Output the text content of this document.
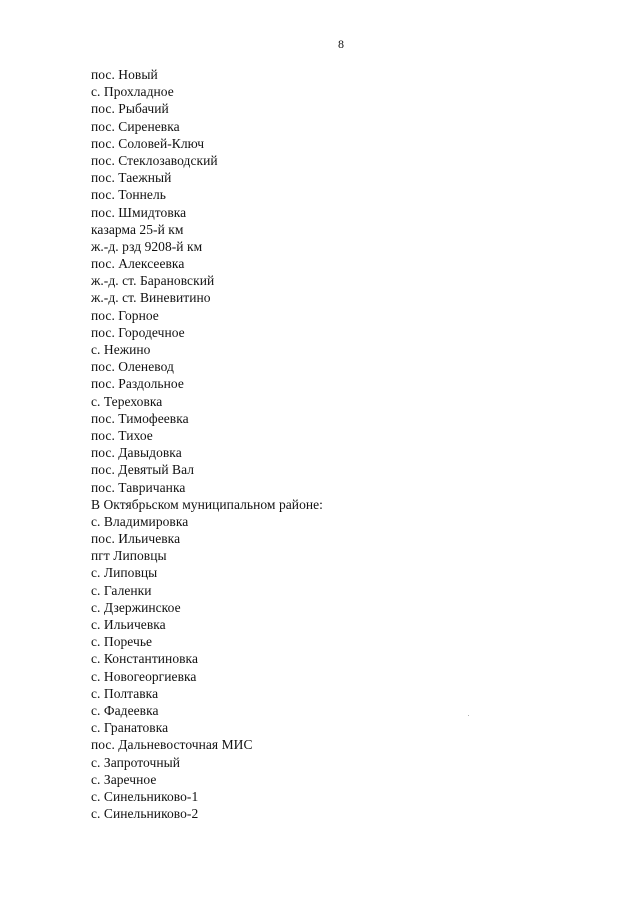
8
пос. Новый
с. Прохладное
пос. Рыбачий
пос. Сиреневка
пос. Соловей-Ключ
пос. Стеклозаводский
пос. Таежный
пос. Тоннель
пос. Шмидтовка
казарма 25-й км
ж.-д. рзд 9208-й км
пос. Алексеевка
ж.-д. ст. Барановский
ж.-д. ст. Виневитино
пос. Горное
пос. Городечное
с. Нежино
пос. Оленевод
пос. Раздольное
с. Тереховка
пос. Тимофеевка
пос. Тихое
пос. Давыдовка
пос. Девятый Вал
пос. Тавричанка
В Октябрьском муниципальном районе:
с. Владимировка
пос. Ильичевка
пгт Липовцы
с. Липовцы
с. Галенки
с. Дзержинское
с. Ильичевка
с. Поречье
с. Константиновка
с. Новогеоргиевка
с. Полтавка
с. Фадеевка
с. Гранатовка
пос. Дальневосточная МИС
с. Запроточный
с. Заречное
с. Синельниково-1
с. Синельниково-2
